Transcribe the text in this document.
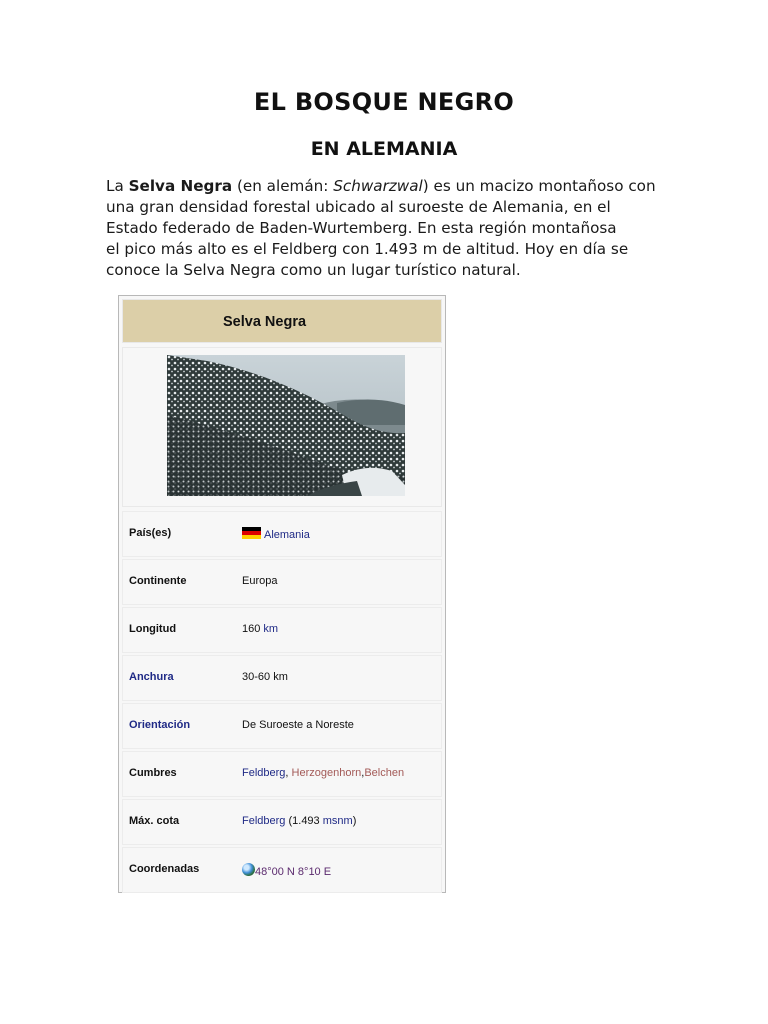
EL BOSQUE NEGRO
EN ALEMANIA

La Selva Negra (en alemán: Schwarzwal) es un macizo montañoso con
una gran densidad forestal ubicado al suroeste de Alemania, en el
Estado federado de Baden-Wurtemberg. En esta región montañosa
el pico más alto es el Feldberg con 1.493 m de altitud. Hoy en día se
conoce la Selva Negra como un lugar turístico natural.

Selva Negra
País(es)	Alemania
Continente	Europa
Longitud	160 km
Anchura	30-60 km
Orientación	De Suroeste a Noreste
Cumbres	Feldberg, Herzogenhorn,Belchen
Máx. cota	Feldberg (1.493 msnm)
Coordenadas	48°00 N 8°10 E
